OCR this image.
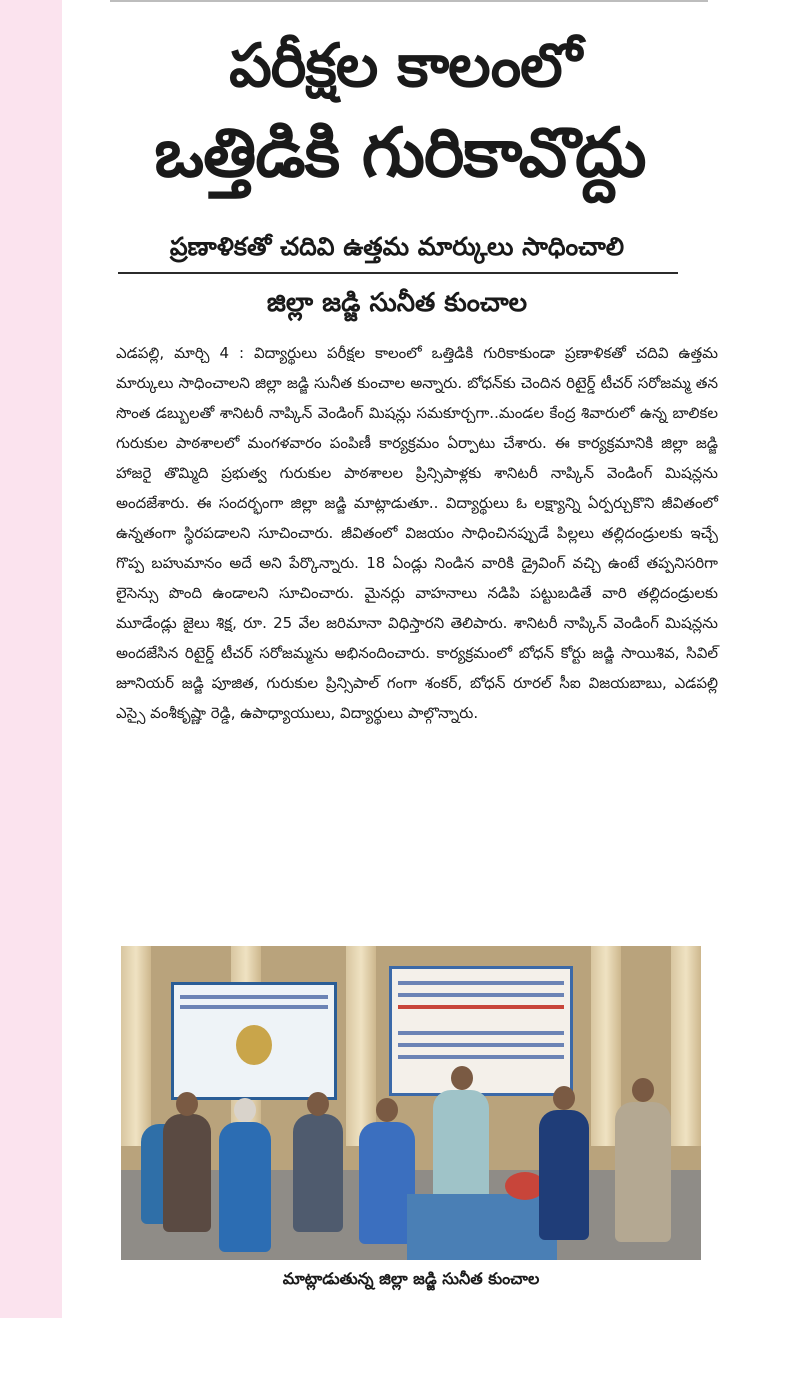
పరీక్షల కాలంలో
ఒత్తిడికి గురికావొద్దు
ప్రణాళికతో చదివి ఉత్తమ మార్కులు సాధించాలి
జిల్లా జడ్జి సునీత కుంచాల

ఎడపల్లి, మార్చి 4 : విద్యార్థులు పరీక్షల కాలంలో ఒత్తిడికి గురికాకుండా ప్రణాళికతో చదివి ఉత్తమ మార్కులు సాధించాలని జిల్లా జడ్జి సునీత కుంచాల అన్నారు. బోధన్‌కు చెందిన రిటైర్డ్ టీచర్ సరోజమ్మ తన సొంత డబ్బులతో శానిటరీ నాప్కిన్ వెండింగ్ మిషన్లు సమకూర్చగా..మండల కేంద్ర శివారులో ఉన్న బాలికల గురుకుల పాఠశాలలో మంగళవారం పంపిణీ కార్యక్రమం ఏర్పాటు చేశారు. ఈ కార్యక్రమానికి జిల్లా జడ్జి హాజరై తొమ్మిది ప్రభుత్వ గురుకుల పాఠశాలల ప్రిన్సిపాళ్లకు శానిటరీ నాప్కిన్ వెండింగ్ మిషన్లను అందజేశారు. ఈ సందర్భంగా జిల్లా జడ్జి మాట్లాడుతూ.. విద్యార్థులు ఓ లక్ష్యాన్ని ఏర్పర్చుకొని జీవితంలో ఉన్నతంగా స్థిరపడాలని సూచించారు. జీవితంలో విజయం సాధించినప్పుడే పిల్లలు తల్లిదండ్రులకు ఇచ్చే గొప్ప బహుమానం అదే అని పేర్కొన్నారు. 18 ఏండ్లు నిండిన వారికి డ్రైవింగ్ వచ్చి ఉంటే తప్పనిసరిగా లైసెన్సు పొంది ఉండాలని సూచించారు. మైనర్లు వాహనాలు నడిపి పట్టుబడితే వారి తల్లిదండ్రులకు మూడేండ్లు జైలు శిక్ష, రూ. 25 వేల జరిమానా విధిస్తారని తెలిపారు. శానిటరీ నాప్కిన్ వెండింగ్ మిషన్లను అందజేసిన రిటైర్డ్ టీచర్ సరోజమ్మను అభినందించారు. కార్యక్రమంలో బోధన్ కోర్టు జడ్జి సాయిశివ, సివిల్ జూనియర్ జడ్జి పూజిత, గురుకుల ప్రిన్సిపాల్ గంగా శంకర్, బోధన్ రూరల్ సీఐ విజయబాబు, ఎడపల్లి ఎస్సై వంశీకృష్ణా రెడ్డి, ఉపాధ్యాయులు, విద్యార్థులు పాల్గొన్నారు.

మాట్లాడుతున్న జిల్లా జడ్జి సునీత కుంచాల
